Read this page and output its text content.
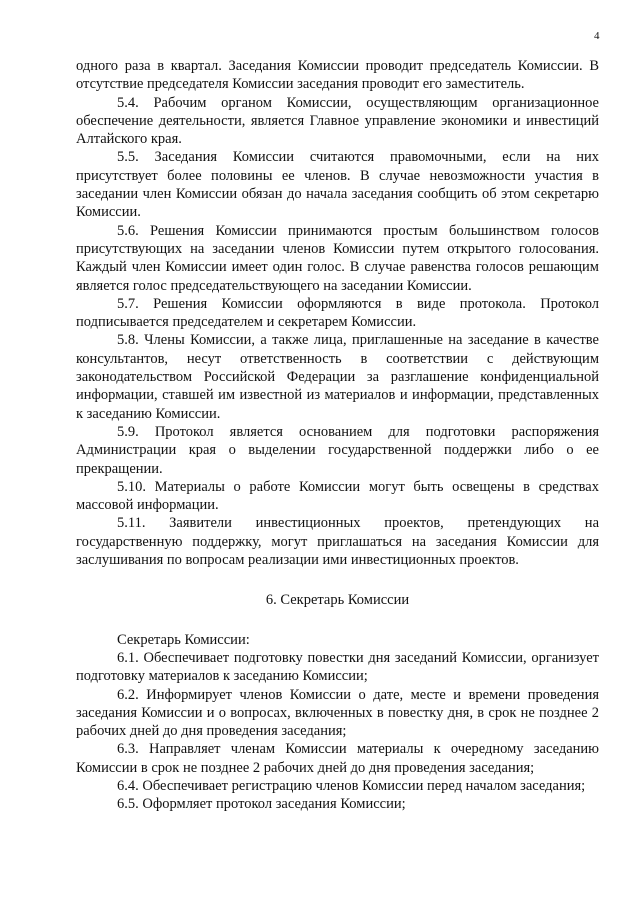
4

одного раза в квартал. Заседания Комиссии проводит председатель Комиссии. В отсутствие председателя Комиссии заседания проводит его заместитель.

5.4. Рабочим органом Комиссии, осуществляющим организационное обеспечение деятельности, является Главное управление экономики и инвестиций Алтайского края.

5.5. Заседания Комиссии считаются правомочными, если на них присутствует более половины ее членов. В случае невозможности участия в заседании член Комиссии обязан до начала заседания сообщить об этом секретарю Комиссии.

5.6. Решения Комиссии принимаются простым большинством голосов присутствующих на заседании членов Комиссии путем открытого голосования. Каждый член Комиссии имеет один голос. В случае равенства голосов решающим является голос председательствующего на заседании Комиссии.

5.7. Решения Комиссии оформляются в виде протокола. Протокол подписывается председателем и секретарем Комиссии.

5.8. Члены Комиссии, а также лица, приглашенные на заседание в качестве консультантов, несут ответственность в соответствии с действующим законодательством Российской Федерации за разглашение конфиденциальной информации, ставшей им известной из материалов и информации, представленных к заседанию Комиссии.

5.9. Протокол является основанием для подготовки распоряжения Администрации края о выделении государственной поддержки либо о ее прекращении.

5.10. Материалы о работе Комиссии могут быть освещены в средствах массовой информации.

5.11. Заявители инвестиционных проектов, претендующих на государственную поддержку, могут приглашаться на заседания Комиссии для заслушивания по вопросам реализации ими инвестиционных проектов.

6. Секретарь Комиссии

Секретарь Комиссии:

6.1. Обеспечивает подготовку повестки дня заседаний Комиссии, организует подготовку материалов к заседанию Комиссии;

6.2. Информирует членов Комиссии о дате, месте и времени проведения заседания Комиссии и о вопросах, включенных в повестку дня, в срок не позднее 2 рабочих дней до дня проведения заседания;

6.3. Направляет членам Комиссии материалы к очередному заседанию Комиссии в срок не позднее 2 рабочих дней до дня проведения заседания;

6.4. Обеспечивает регистрацию членов Комиссии перед началом заседания;

6.5. Оформляет протокол заседания Комиссии;
